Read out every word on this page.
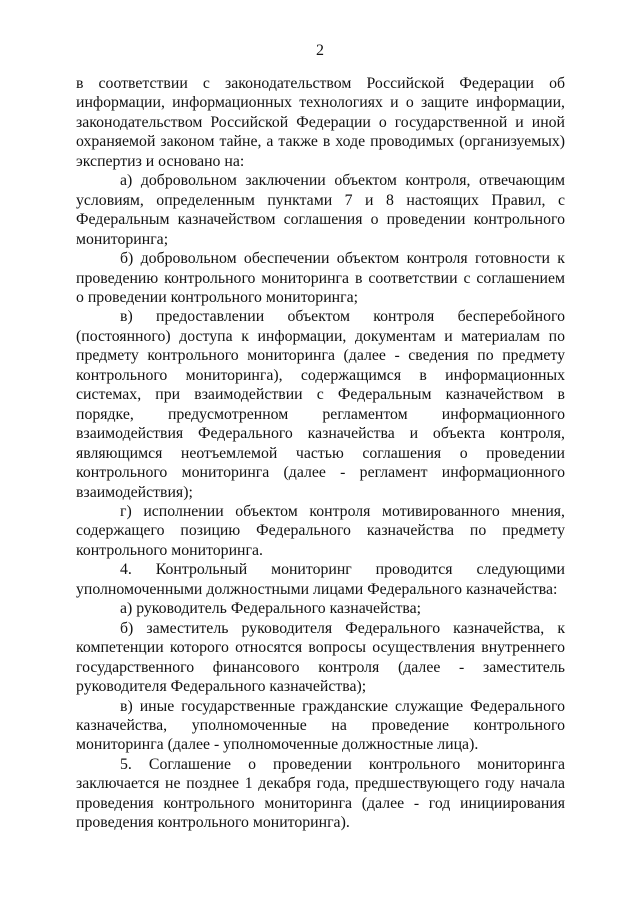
2

в соответствии с законодательством Российской Федерации об информации, информационных технологиях и о защите информации, законодательством Российской Федерации о государственной и иной охраняемой законом тайне, а также в ходе проводимых (организуемых) экспертиз и основано на:

а) добровольном заключении объектом контроля, отвечающим условиям, определенным пунктами 7 и 8 настоящих Правил, с Федеральным казначейством соглашения о проведении контрольного мониторинга;

б) добровольном обеспечении объектом контроля готовности к проведению контрольного мониторинга в соответствии с соглашением о проведении контрольного мониторинга;

в) предоставлении объектом контроля бесперебойного (постоянного) доступа к информации, документам и материалам по предмету контрольного мониторинга (далее - сведения по предмету контрольного мониторинга), содержащимся в информационных системах, при взаимодействии с Федеральным казначейством в порядке, предусмотренном регламентом информационного взаимодействия Федерального казначейства и объекта контроля, являющимся неотъемлемой частью соглашения о проведении контрольного мониторинга (далее - регламент информационного взаимодействия);

г) исполнении объектом контроля мотивированного мнения, содержащего позицию Федерального казначейства по предмету контрольного мониторинга.

4. Контрольный мониторинг проводится следующими уполномоченными должностными лицами Федерального казначейства:

а) руководитель Федерального казначейства;

б) заместитель руководителя Федерального казначейства, к компетенции которого относятся вопросы осуществления внутреннего государственного финансового контроля (далее - заместитель руководителя Федерального казначейства);

в) иные государственные гражданские служащие Федерального казначейства, уполномоченные на проведение контрольного мониторинга (далее - уполномоченные должностные лица).

5. Соглашение о проведении контрольного мониторинга заключается не позднее 1 декабря года, предшествующего году начала проведения контрольного мониторинга (далее - год инициирования проведения контрольного мониторинга).
